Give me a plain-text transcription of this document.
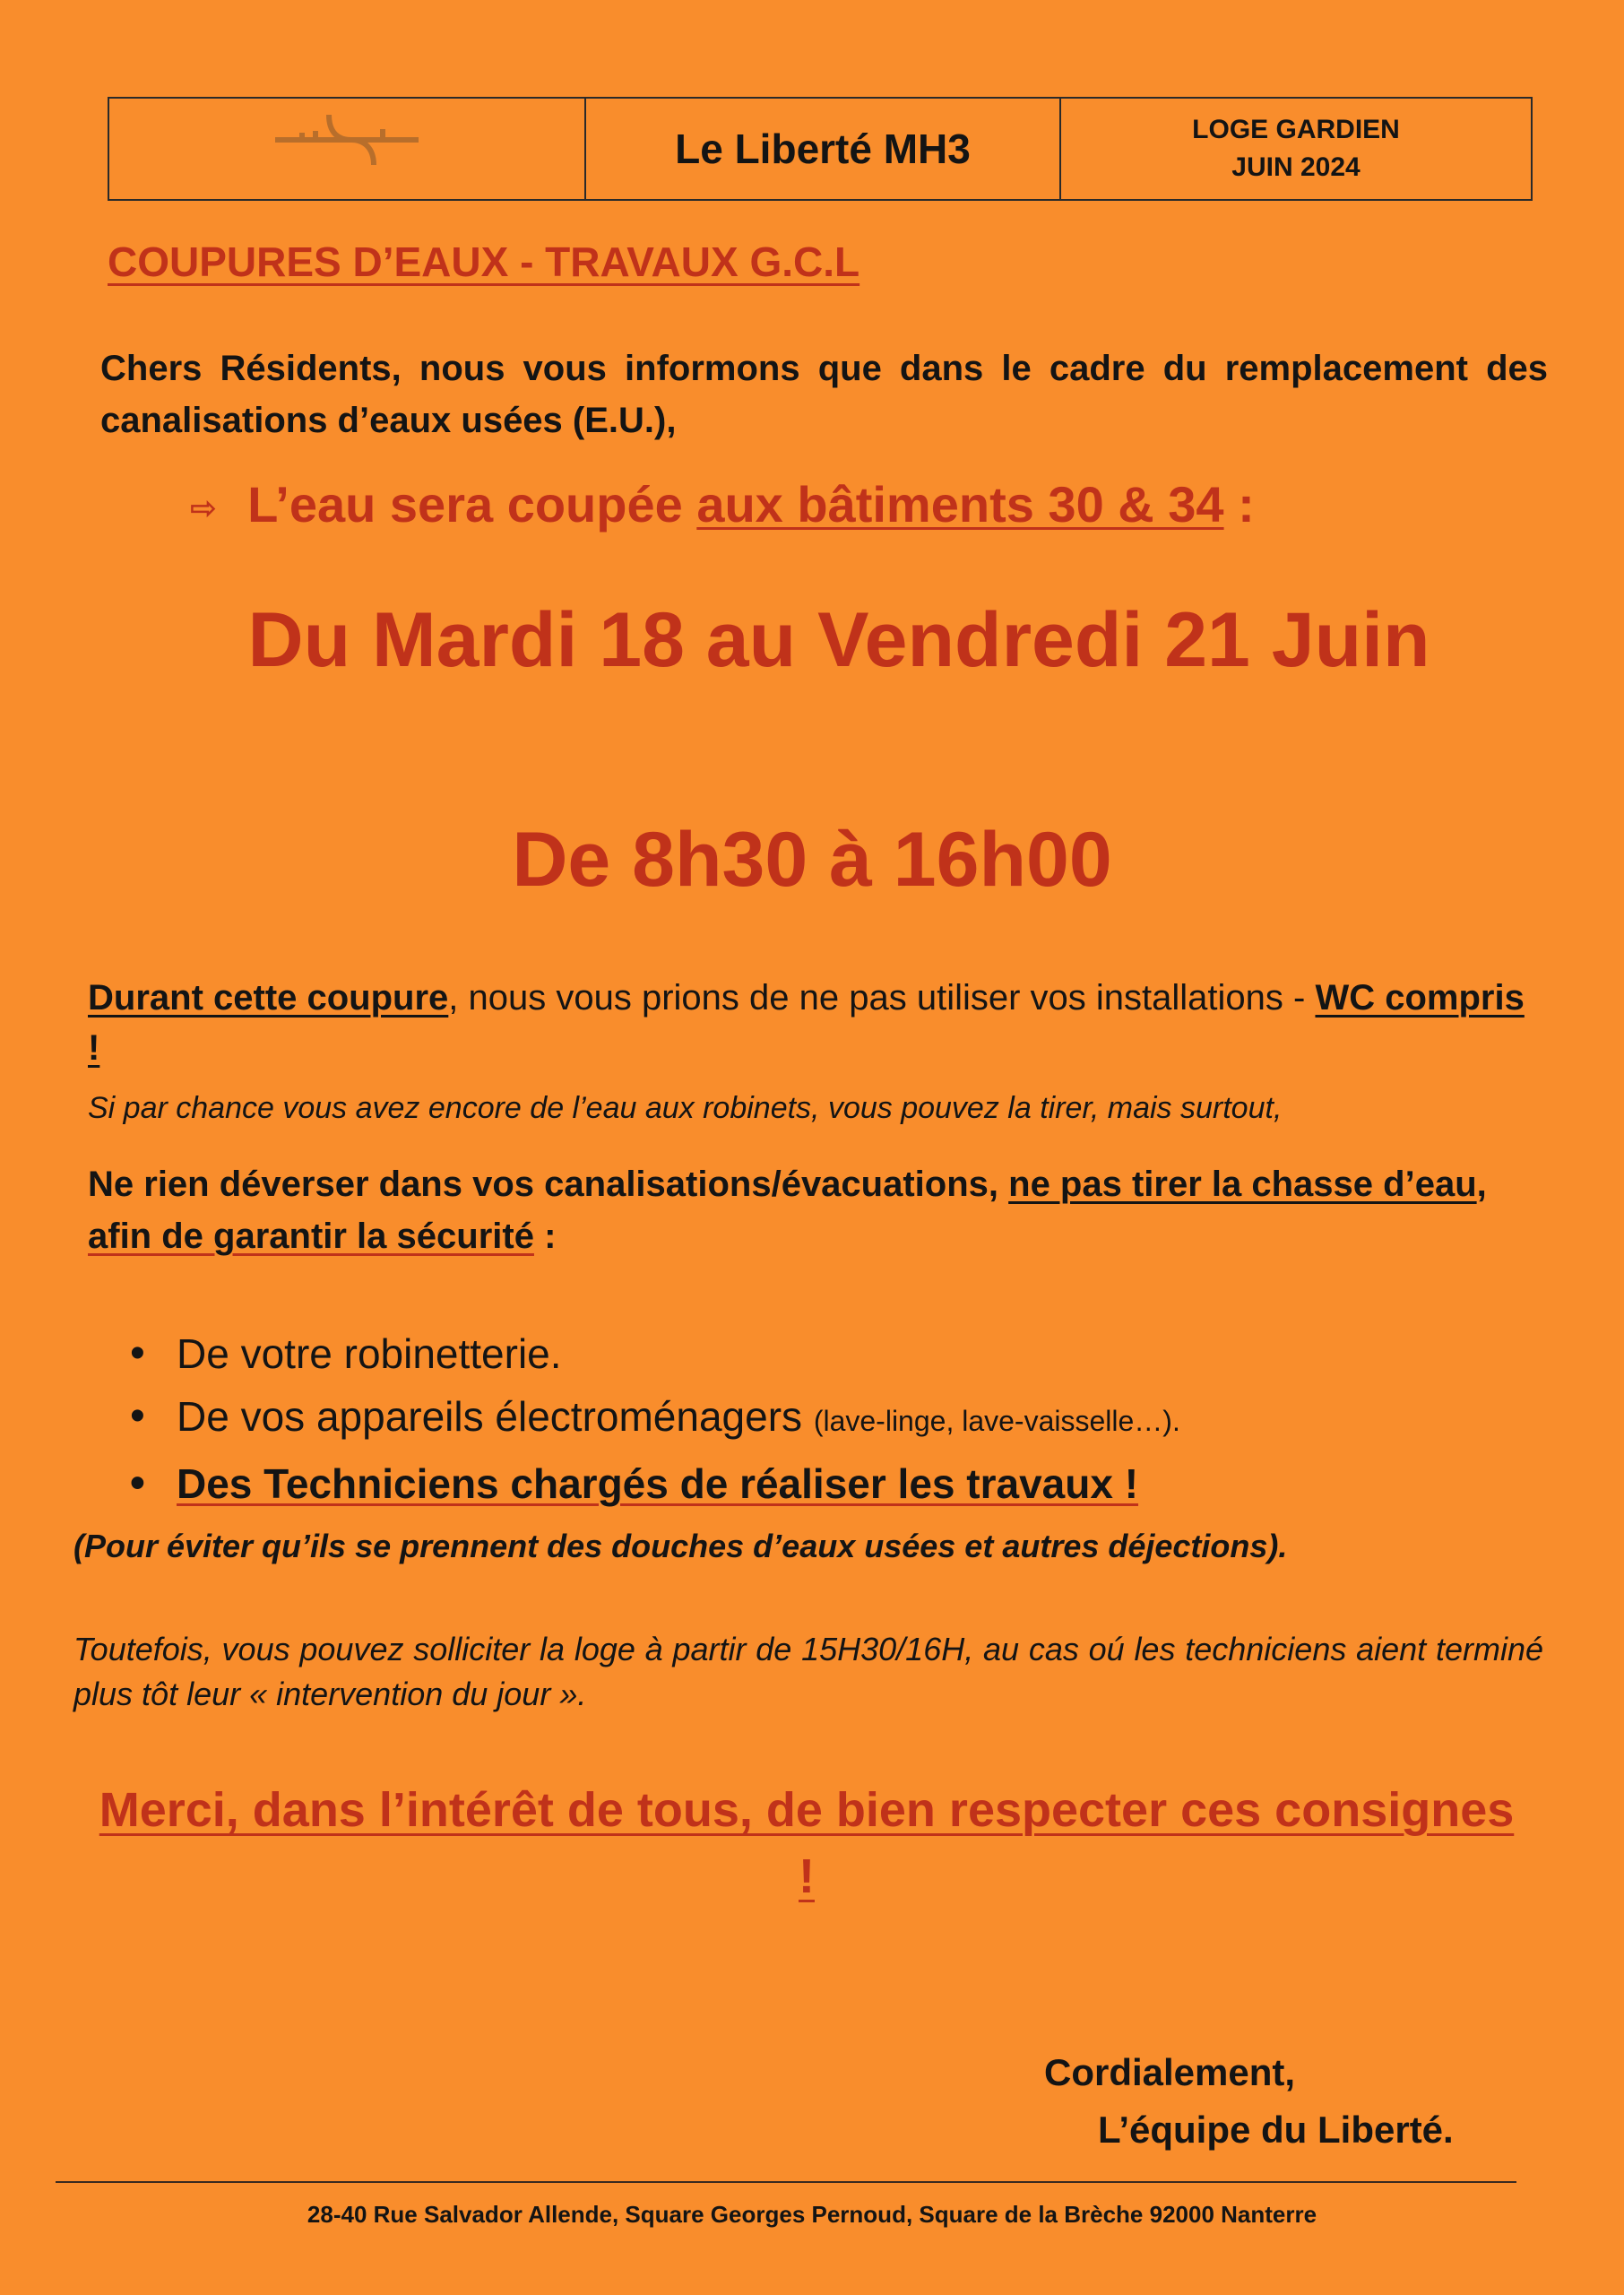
Le Liberté MH3	LOGE GARDIEN
JUIN 2024
COUPURES D’EAUX - TRAVAUX G.C.L
Chers Résidents, nous vous informons que dans le cadre du remplacement des canalisations d’eaux usées (E.U.),
⇨ L’eau sera coupée aux bâtiments 30 & 34 :
Du Mardi 18 au Vendredi 21 Juin
De 8h30 à 16h00
Durant cette coupure, nous vous prions de ne pas utiliser vos installations - WC compris !
Si par chance vous avez encore de l’eau aux robinets, vous pouvez la tirer, mais surtout,
Ne rien déverser dans vos canalisations/évacuations, ne pas tirer la chasse d’eau, afin de garantir la sécurité :
• De votre robinetterie.
• De vos appareils électroménagers (lave-linge, lave-vaisselle…).
• Des Techniciens chargés de réaliser les travaux !
(Pour éviter qu’ils se prennent des douches d’eaux usées et autres déjections).
Toutefois, vous pouvez solliciter la loge à partir de 15H30/16H, au cas oú les techniciens aient terminé plus tôt leur « intervention du jour ».
Merci, dans l’intérêt de tous, de bien respecter ces consignes !
Cordialement,
L’équipe du Liberté.
28-40 Rue Salvador Allende, Square Georges Pernoud, Square de la Brèche 92000 Nanterre
